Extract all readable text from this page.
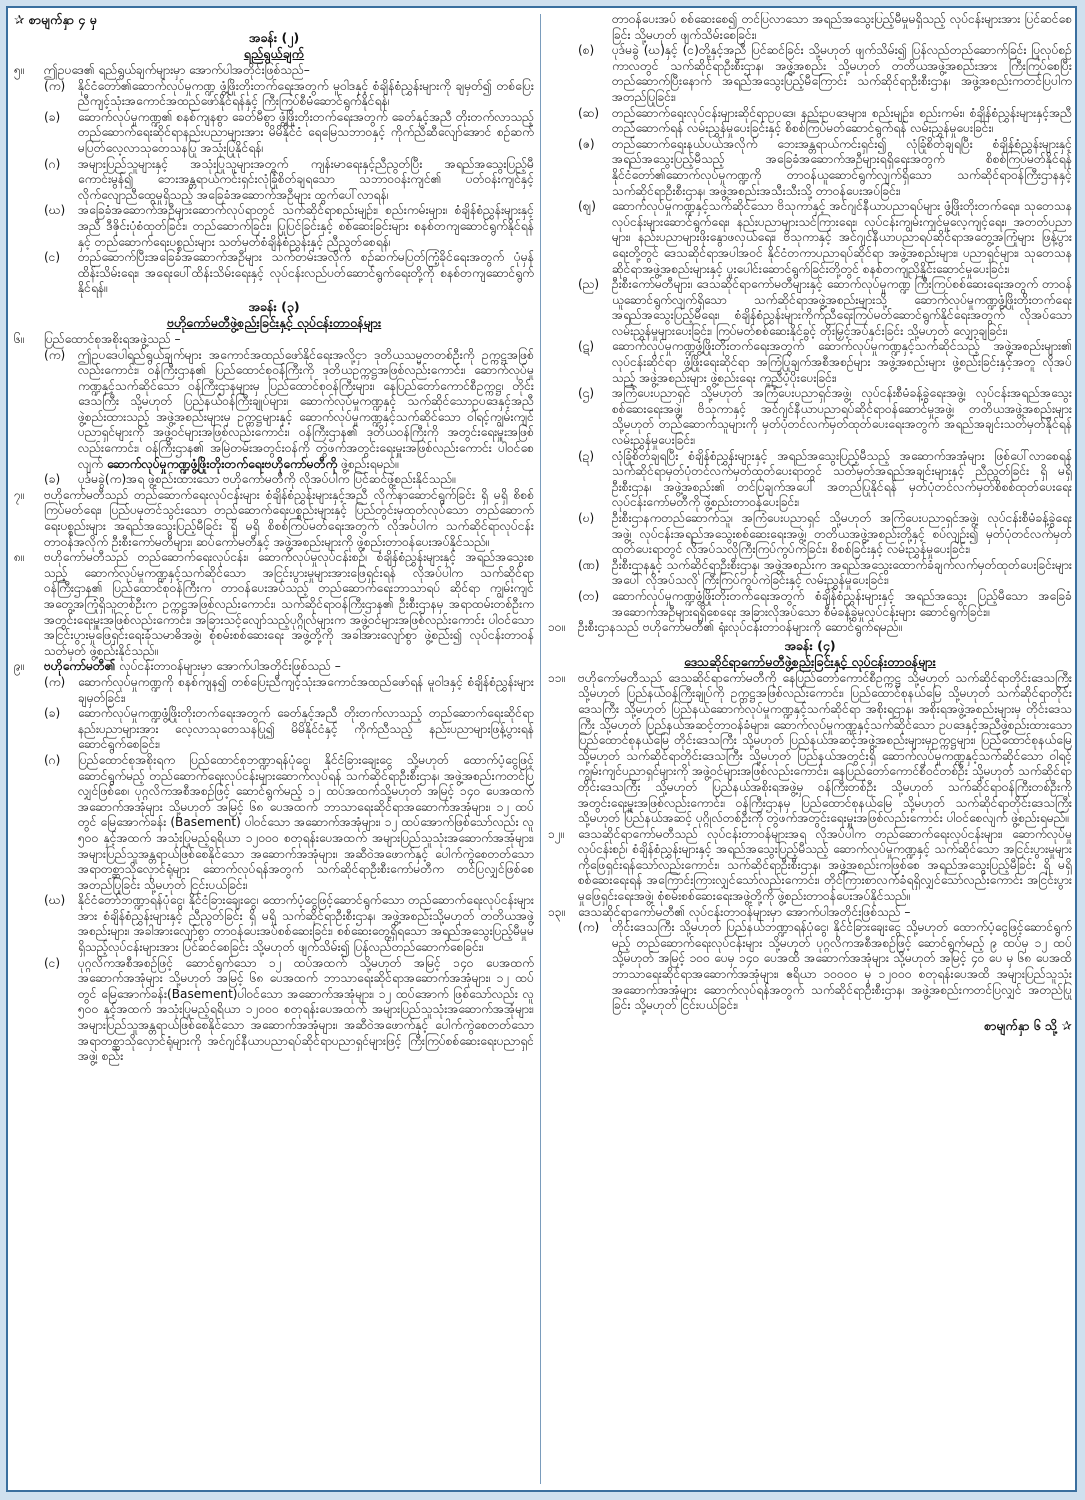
✰ စာမျက်နှာ ၄ မှ

အခန်း (၂)

ရည်ရွယ်ချက်

၅။	ဤဥပဒေ၏ ရည်ရွယ်ချက်များမှာ အောက်ပါအတိုင်းဖြစ်သည်–
(က)	နိုင်ငံတော်၏ဆောက်လုပ်မှုကဏ္ဍ ဖွံ့ဖြိုးတိုးတက်ရေးအတွက် မူဝါဒနှင့် စံချိန်စံညွှန်းများကို ချမှတ်၍ တစ်ပြေးညီကျင့်သုံးအကောင်အထည်ဖော်နိုင်ရန်နှင့် ကြီးကြပ်စီမံဆောင်ရွက်နိုင်ရန်၊
(ခ)	ဆောက်လုပ်မှုကဏ္ဍ၏ စနစ်ကျနစွာ ခေတ်မီစွာ ဖွံ့ဖြိုးတိုးတက်ရေးအတွက် ခေတ်နှင့်အညီ တိုးတက်လာသည့် တည်ဆောက်ရေးဆိုင်ရာနည်းပညာများအား မိမိနိုင်ငံ ရေမြေသဘာဝနှင့် ကိုက်ညီဆီလျော်အောင် စဉ်ဆက်မပြတ်လေ့လာသုတေသနပြု အသုံးပြုနိုင်ရန်၊
(ဂ)	အများပြည်သူများနှင့် အသုံးပြုသူများအတွက် ကျန်းမာရေးနှင့်ညီညွတ်ပြီး အရည်အသွေးပြည့်မီ ကောင်းမွန်၍ ဘေးအန္တရာယ်ကင်းရှင်းလုံခြုံစိတ်ချရသော သဘာဝဝန်းကျင်၏ ပတ်ဝန်းကျင်နှင့် လိုက်လျောညီထွေမှုရှိသည့် အခြေခံအဆောက်အဦများ ထွက်ပေါ်လာရန်၊
(ဃ)	အခြေခံအဆောက်အဦများဆောက်လုပ်ရာတွင် သက်ဆိုင်ရာစည်းမျဉ်း၊ စည်းကမ်းများ၊ စံချိန်စံညွှန်းများနှင့်အညီ ဒီဇိုင်းပုံစံထုတ်ခြင်း၊ တည်ဆောက်ခြင်း၊ ပြုပြင်ခြင်းနှင့် စစ်ဆေးခြင်းများ စနစ်တကျဆောင်ရွက်နိုင်ရန်နှင့် တည်ဆောက်ရေးပစ္စည်းများ သတ်မှတ်စံချိန်စံညွှန်းနှင့် ညီညွတ်စေရန်၊
(င)	တည်ဆောက်ပြီးအခြေခံအဆောက်အဦများ သက်တမ်းအလိုက် စဉ်ဆက်မပြတ်ကြံ့ခိုင်ရေးအတွက် ပုံမှန်ထိန်းသိမ်းရေး၊ အရေးပေါ်ထိန်းသိမ်းရေးနှင့် လုပ်ငန်းလည်ပတ်ဆောင်ရွက်ရေးတို့ကို စနစ်တကျဆောင်ရွက်နိုင်ရန်။

အခန်း (၃)

ဗဟိုကော်မတီဖွဲ့စည်းခြင်းနှင့် လုပ်ငန်းတာဝန်များ

၆။	ပြည်ထောင်စုအစိုးရအဖွဲ့သည် –
(က)	ဤဥပဒေပါရည်ရွယ်ချက်များ အကောင်အထည်ဖော်နိုင်ရေးအလို့ငှာ ဒုတိယသမ္မတတစ်ဦးကို ဥက္ကဋ္ဌအဖြစ်လည်းကောင်း၊ ဝန်ကြီးဌာန၏ ပြည်ထောင်စုဝန်ကြီးကို ဒုတိယဥက္ကဋ္ဌအဖြစ်လည်းကောင်း၊ ဆောက်လုပ်မှုကဏ္ဍနှင့်သက်ဆိုင်သော ဝန်ကြီးဌာနများမှ ပြည်ထောင်စုဝန်ကြီးများ၊ နေပြည်တော်ကောင်စီဥက္ကဋ္ဌ၊ တိုင်းဒေသကြီး သို့မဟုတ် ပြည်နယ်ဝန်ကြီးချုပ်များ၊ ဆောက်လုပ်မှုကဏ္ဍနှင့် သက်ဆိုင်သောဥပဒေနှင့်အညီ ဖွဲ့စည်းထားသည့် အဖွဲ့အစည်းများမှ ဥက္ကဋ္ဌများနှင့် ဆောက်လုပ်မှုကဏ္ဍနှင့်သက်ဆိုင်သော ဝါရင့်ကျွမ်းကျင်ပညာရှင်များကို အဖွဲ့ဝင်များအဖြစ်လည်းကောင်း၊ ဝန်ကြီးဌာန၏ ဒုတိယဝန်ကြီးကို အတွင်းရေးမှူးအဖြစ်လည်းကောင်း၊ ဝန်ကြီးဌာန၏ အမြဲတမ်းအတွင်းဝန်ကို တွဲဖက်အတွင်းရေးမှူးအဖြစ်လည်းကောင်း ပါဝင်စေလျက် ဆောက်လုပ်မှုကဏ္ဍဖွံ့ဖြိုးတိုးတက်ရေးဗဟိုကော်မတီကို ဖွဲ့စည်းရမည်။
(ခ)	ပုဒ်မခွဲ(က)အရ ဖွဲ့စည်းထားသော ဗဟိုကော်မတီကို လိုအပ်ပါက ပြင်ဆင်ဖွဲ့စည်းနိုင်သည်။
၇။	ဗဟိုကော်မတီသည် တည်ဆောက်ရေးလုပ်ငန်းများ စံချိန်စံညွှန်းများနှင့်အညီ လိုက်နာဆောင်ရွက်ခြင်း ရှိ မရှိ စိစစ်ကြပ်မတ်ရေး၊ ပြည်ပမှတင်သွင်းသော တည်ဆောက်ရေးပစ္စည်းများနှင့် ပြည်တွင်းမှထုတ်လုပ်သော တည်ဆောက်ရေးပစ္စည်းများ အရည်အသွေးပြည့်မီခြင်း ရှိ မရှိ စိစစ်ကြပ်မတ်ရေးအတွက် လိုအပ်ပါက သက်ဆိုင်ရာလုပ်ငန်းတာဝန်အလိုက် ဦးစီးကော်မတီများ၊ ဆပ်ကော်မတီနှင့် အဖွဲ့အစည်းများကို ဖွဲ့စည်းတာဝန်ပေးအပ်နိုင်သည်။
၈။	ဗဟိုကော်မတီသည် တည်ဆောက်ရေးလုပ်ငန်း၊ ဆောက်လုပ်မှုလုပ်ငန်းစဉ်၊ စံချိန်စံညွှန်းများနှင့် အရည်အသွေးစသည့် ဆောက်လုပ်မှုကဏ္ဍနှင့်သက်ဆိုင်သော အငြင်းပွားမှုများအားဖြေရှင်းရန် လိုအပ်ပါက သက်ဆိုင်ရာဝန်ကြီးဌာန၏ ပြည်ထောင်စုဝန်ကြီးက တာဝန်ပေးအပ်သည့် တည်ဆောက်ရေးဘာသာရပ် ဆိုင်ရာ ကျွမ်းကျင် အတွေ့အကြုံရှိသူတစ်ဦးက ဥက္ကဋ္ဌအဖြစ်လည်းကောင်း၊ သက်ဆိုင်ရာဝန်ကြီးဌာန၏ ဦးစီးဌာနမှ အရာထမ်းတစ်ဦးက အတွင်းရေးမှူးအဖြစ်လည်းကောင်း၊ အခြားသင့်လျော်သည့်ပုဂ္ဂိုလ်များက အဖွဲ့ဝင်များအဖြစ်လည်းကောင်း ပါဝင်သော အငြင်းပွားမှုဖြေရှင်းရေးခုံသမာဓိအဖွဲ့၊ စုံစမ်းစစ်ဆေးရေး အဖွဲ့တို့ကို အခါအားလျော်စွာ ဖွဲ့စည်း၍ လုပ်ငန်းတာဝန်သတ်မှတ် ဖွဲ့စည်းနိုင်သည်။
၉။	ဗဟိုကော်မတီ၏ လုပ်ငန်းတာဝန်များမှာ အောက်ပါအတိုင်းဖြစ်သည် –
(က)	ဆောက်လုပ်မှုကဏ္ဍကို စနစ်ကျန၍ တစ်ပြေးညီကျင့်သုံးအကောင်အထည်ဖော်ရန် မူဝါဒနှင့် စံချိန်စံညွှန်းများချမှတ်ခြင်း၊
(ခ)	ဆောက်လုပ်မှုကဏ္ဍဖွံ့ဖြိုးတိုးတက်ရေးအတွက် ခေတ်နှင့်အညီ တိုးတက်လာသည့် တည်ဆောက်ရေးဆိုင်ရာနည်းပညာများအား လေ့လာသုတေသနပြု၍ မိမိနိုင်ငံနှင့် ကိုက်ညီသည့် နည်းပညာများဖြန့်ပွားရန် ဆောင်ရွက်စေခြင်း၊
(ဂ)	ပြည်ထောင်စုအစိုးရက ပြည်ထောင်စုဘဏ္ဍာရန်ပုံငွေ၊ နိုင်ငံခြားချေးငွေ သို့မဟုတ် ထောက်ပံ့ငွေဖြင့် ဆောင်ရွက်မည့် တည်ဆောက်ရေးလုပ်ငန်းများဆောက်လုပ်ရန် သက်ဆိုင်ရာဦးစီးဌာန၊ အဖွဲ့အစည်းကတင်ပြလျှင်ဖြစ်စေ၊ ပုဂ္ဂလိကအစီအစဉ်ဖြင့် ဆောင်ရွက်မည့် ၁၂ ထပ်အထက်သို့မဟုတ် အမြင့် ၁၄၀ ပေအထက် အဆောက်အအုံများ သို့မဟုတ် အမြင့် ၆၈ ပေအထက် ဘာသာရေးဆိုင်ရာအဆောက်အအုံများ၊ ၁၂ ထပ်တွင် မြေအောက်ခန်း (Basement) ပါဝင်သော အဆောက်အအုံများ၊ ၁၂ ထပ်အောက်ဖြစ်သော်လည်း လူ ၅၀၀ နှင့်အထက် အသုံးပြုမည့်ရရိယာ ၁၂၀၀၀ စတုရန်းပေအထက် အများပြည်သူသုံးအဆောက်အအုံများ၊ အများပြည်သူအန္တရာယ်ဖြစ်စေနိုင်သော အဆောက်အအုံများ၊ အဆီဝဲအဖောက်နှင့် ပေါက်ကွဲစေတတ်သောအရာတစ္ဆာသိုလှောင်ရုံများ ဆောက်လုပ်ရန်အတွက် သက်ဆိုင်ရာဦးစီးကော်မတီက တင်ပြလျှင်ဖြစ်စေ အတည်ပြုခြင်း သို့မဟုတ် ငြင်းပယ်ခြင်း၊
(ဃ)	နိုင်ငံတော်ဘဏ္ဍာရန်ပုံငွေ၊ နိုင်ငံခြားချေးငွေ၊ ထောက်ပံ့ငွေဖြင့်ဆောင်ရွက်သော တည်ဆောက်ရေးလုပ်ငန်းများအား စံချိန်စံညွှန်းများနှင့် ညီညွတ်ခြင်း ရှိ မရှိ သက်ဆိုင်ရာဦးစီးဌာန၊ အဖွဲ့အစည်းသို့မဟုတ် တတိယအဖွဲ့အစည်းများ၊ အခါအားလျော်စွာ တာဝန်ပေးအပ်စစ်ဆေးခြင်း၊ စစ်ဆေးတွေ့ရှိရသော အရည်အသွေးပြည့်မီမှုမရှိသည့်လုပ်ငန်းများအား ပြင်ဆင်စေခြင်း သို့မဟုတ် ဖျက်သိမ်း၍ ပြန်လည်တည်ဆောက်စေခြင်း၊
(င)	ပုဂ္ဂလိကအစီအစဉ်ဖြင့် ဆောင်ရွက်သော ၁၂ ထပ်အထက် သို့မဟုတ် အမြင့် ၁၄၀ ပေအထက် အဆောက်အအုံများ သို့မဟုတ် အမြင့် ၆၈ ပေအထက် ဘာသာရေးဆိုင်ရာအဆောက်အအုံများ၊ ၁၂ ထပ်တွင် မြေအောက်ခန်း(Basement)ပါဝင်သော အဆောက်အအုံများ၊ ၁၂ ထပ်အောက် ဖြစ်သော်လည်း လူ ၅၀၀ နှင့်အထက် အသုံးပြုမည့်ရရိယာ ၁၂၀၀၀ စတုရန်းပေအထက် အများပြည်သူသုံးအဆောက်အအုံများ၊ အများပြည်သူအန္တရာယ်ဖြစ်စေနိုင်သော အဆောက်အအုံများ၊ အဆီဝဲအဖောက်နှင့် ပေါက်ကွဲစေတတ်သောအရာတစ္ဆာသိုလှောင်ရုံများကို အင်ဂျင်နီယာပညာရပ်ဆိုင်ရာပညာရှင်များဖြင့် ကြီးကြပ်စစ်ဆေးရေးပညာရှင်အဖွဲ့၊ စည်း
တာဝန်ပေးအပ် စစ်ဆေးစေ၍ တင်ပြလာသော အရည်အသွေးပြည့်မီမှုမရှိသည့် လုပ်ငန်းများအား ပြင်ဆင်စေခြင်း သို့မဟုတ် ဖျက်သိမ်းစေခြင်း၊
(စ)	ပုဒ်မခွဲ (ဃ)နှင့် (င)တို့နှင့်အညီ ပြင်ဆင်ခြင်း သို့မဟုတ် ဖျက်သိမ်း၍ ပြန်လည်တည်ဆောက်ခြင်း ပြုလုပ်စဉ်ကာလတွင် သက်ဆိုင်ရာဦးစီးဌာန၊ အဖွဲ့အစည်း သို့မဟုတ် တတိယအဖွဲ့အစည်းအား ကြီးကြပ်စေပြီး တည်ဆောက်ပြီးနောက် အရည်အသွေးပြည့်မီကြောင်း သက်ဆိုင်ရာဦးစီးဌာန၊ အဖွဲ့အစည်းကတင်ပြပါက အတည်ပြုခြင်း၊
(ဆ)	တည်ဆောက်ရေးလုပ်ငန်းများဆိုင်ရာဥပဒေ၊ နည်းဥပဒေများ၊ စည်းမျဉ်း၊ စည်းကမ်း၊ စံချိန်စံညွှန်းများနှင့်အညီ တည်ဆောက်ရန် လမ်းညွှန်မှုပေးခြင်းနှင့် စိစစ်ကြပ်မတ်ဆောင်ရွက်ရန် လမ်းညွှန်မှုပေးခြင်း၊
(ဇ)	တည်ဆောက်ရေးနယ်ပယ်အလိုက် ဘေးအန္တရာယ်ကင်းရှင်း၍ လုံခြုံစိတ်ချရပြီး စံချိန်စံညွှန်းများနှင့် အရည်အသွေးပြည့်မီသည့် အခြေခံအဆောက်အဦများရရှိရေးအတွက် စိစစ်ကြပ်မတ်နိုင်ရန် နိုင်ငံတော်၏ဆောက်လုပ်မှုကဏ္ဍကို တာဝန်ယူဆောင်ရွက်လျက်ရှိသော သက်ဆိုင်ရာဝန်ကြီးဌာနနှင့် သက်ဆိုင်ရာဦးစီးဌာန၊ အဖွဲ့အစည်းအသီးသီးသို့ တာဝန်ပေးအပ်ခြင်း၊
(ဈ)	ဆောက်လုပ်မှုကဏ္ဍနှင့်သက်ဆိုင်သော ဗိသုကာနှင့် အင်ဂျင်နီယာပညာရပ်များ ဖွံ့ဖြိုးတိုးတက်ရေး၊ သုတေသနလုပ်ငန်းများဆောင်ရွက်ရေး၊ နည်းပညာများသင်ကြားရေး၊ လုပ်ငန်းကျွမ်းကျင်မှုလေ့ကျင့်ရေး၊ အတတ်ပညာများ၊ နည်းပညာများဖိုးနွောဖလှယ်ရေး၊ ဗိသုကာနှင့် အင်ဂျင်နီယာပညာရပ်ဆိုင်ရာအတွေ့အကြုံများ ဖြန့်ပွားရေးတို့တွင် ဒေသဆိုင်ရာအပါအဝင် နိုင်ငံတကာပညာရပ်ဆိုင်ရာ အဖွဲ့အစည်းများ၊ ပညာရှင်များ၊ သုတေသနဆိုင်ရာအဖွဲ့အစည်းများနှင့် ပူးပေါင်းဆောင်ရွက်ခြင်းတို့တွင် စနစ်တကျညှိနှိုင်းဆောင်မှုပေးခြင်း၊
(ည)	ဦးစီးကော်မတီများ၊ ဒေသဆိုင်ရာကော်မတီများနှင့် ဆောက်လုပ်မှုကဏ္ဍ ကြီးကြပ်စစ်ဆေးရေးအတွက် တာဝန်ယူဆောင်ရွက်လျက်ရှိသော သက်ဆိုင်ရာအဖွဲ့အစည်းများသို့ ဆောက်လုပ်မှုကဏ္ဍဖွံ့ဖြိုးတိုးတက်ရေး အရည်အသွေးပြည့်မီရေး၊ စံချိန်စံညွှန်းများကိုက်ညီရေးကြပ်မတ်ဆောင်ရွက်နိုင်ရေးအတွက် လိုအပ်သောလမ်းညွှန်မှုများပေးခြင်း၊ ကြပ်မတ်စစ်ဆေးနိုင်ခွင့် တိုးမြှင့်အပ်နှင်းခြင်း သို့မဟုတ် လျှော့ချခြင်း၊
(ဋ)	ဆောက်လုပ်မှုကဏ္ဍဖွံ့ဖြိုးတိုးတက်ရေးအတွက် ဆောက်လုပ်မှုကဏ္ဍနှင့်သက်ဆိုင်သည့် အဖွဲ့အစည်းများ၏ လုပ်ငန်းဆိုင်ရာ ဖွံ့ဖြိုးရေးဆိုင်ရာ အကြံပြုချက်အစီအစဉ်များ အဖွဲ့အစည်းများ ဖွဲ့စည်းခြင်းနှင့်အတူ လိုအပ်သည့် အဖွဲ့အစည်းများ ဖွဲ့စည်းရေး ကူညီပံ့ပိုးပေးခြင်း၊
(ဌ)	အကြံပေးပညာရှင် သို့မဟုတ် အကြံပေးပညာရှင်အဖွဲ့၊ လုပ်ငန်းစီမံခန့်ခွဲရေးအဖွဲ့၊ လုပ်ငန်းအရည်အသွေးစစ်ဆေးရေးအဖွဲ့၊ ဗိသုကာနှင့် အင်ဂျင်နီယာပညာရပ်ဆိုင်ရာဝန်ဆောင်မှုအဖွဲ့၊ တတိယအဖွဲ့အစည်းများ သို့မဟုတ် တည်ဆောက်သူများကို မှတ်ပုံတင်လက်မှတ်ထုတ်ပေးရေးအတွက် အရည်အချင်းသတ်မှတ်နိုင်ရန် လမ်းညွှန်မှုပေးခြင်း၊
(ဍ)	လုံခြုံစိတ်ချရပြီး စံချိန်စံညွှန်းများနှင့် အရည်အသွေးပြည့်မီသည့် အဆောက်အအုံများ ဖြစ်ပေါ်လာစေရန် သက်ဆိုင်ရာမှတ်ပုံတင်လက်မှတ်ထုတ်ပေးရာတွင် သတ်မှတ်အရည်အချင်းများနှင့် ညီညွတ်ခြင်း ရှိ မရှိ ဦးစီးဌာန၊ အဖွဲ့အစည်း၏ တင်ပြချက်အပေါ် အတည်ပြုနိုင်ရန် မှတ်ပုံတင်လက်မှတ်စိစစ်ထုတ်ပေးရေးလုပ်ငန်းကော်မတီကို ဖွဲ့စည်းတာဝန်ပေးခြင်း၊
(ဎ)	ဦးစီးဌာနကတည်ဆောက်သူ၊ အကြံပေးပညာရှင် သို့မဟုတ် အကြံပေးပညာရှင်အဖွဲ့၊ လုပ်ငန်းစီမံခန့်ခွဲရေးအဖွဲ့၊ လုပ်ငန်းအရည်အသွေးစစ်ဆေးရေးအဖွဲ့၊ တတိယအဖွဲ့အစည်းတို့နှင့် စပ်လျဉ်း၍ မှတ်ပုံတင်လက်မှတ်ထုတ်ပေးရာတွင် လိုအပ်သလိုကြီးကြပ်ကွပ်ကဲခြင်း၊ စိစစ်ခြင်းနှင့် လမ်းညွှန်မှုပေးခြင်း၊
(ဏ)	ဦးစီးဌာနနှင့် သက်ဆိုင်ရာဦးစီးဌာန၊ အဖွဲ့အစည်းက အရည်အသွေးထောက်ခံချက်လက်မှတ်ထုတ်ပေးခြင်းများအပေါ် လိုအပ်သလို ကြီးကြပ်ကွပ်ကဲခြင်းနှင့် လမ်းညွှန်မှုပေးခြင်း၊
(တ)	ဆောက်လုပ်မှုကဏ္ဍဖွံ့ဖြိုးတိုးတက်ရေးအတွက် စံချိန်စံညွှန်းများနှင့် အရည်အသွေး ပြည့်မီသော အခြေခံအဆောက်အဦများရရှိစေရေး အခြားလိုအပ်သော စီမံခန့်ခွဲမှုလုပ်ငန်းများ ဆောင်ရွက်ခြင်း။
၁၀။	ဦးစီးဌာနသည် ဗဟိုကော်မတီ၏ ရုံးလုပ်ငန်းတာဝန်များကို ဆောင်ရွက်ရမည်။

အခန်း (၄)

ဒေသဆိုင်ရာကော်မတီဖွဲ့စည်းခြင်းနှင့် လုပ်ငန်းတာဝန်များ

၁၁။	ဗဟိုကော်မတီသည် ဒေသဆိုင်ရာကော်မတီကို နေပြည်တော်ကောင်စီဥက္ကဋ္ဌ သို့မဟုတ် သက်ဆိုင်ရာတိုင်းဒေသကြီး သို့မဟုတ် ပြည်နယ်ဝန်ကြီးချုပ်ကို ဥက္ကဋ္ဌအဖြစ်လည်းကောင်း၊ ပြည်ထောင်စုနယ်မြေ သို့မဟုတ် သက်ဆိုင်ရာတိုင်းဒေသကြီး သို့မဟုတ် ပြည်နယ်ဆောက်လုပ်မှုကဏ္ဍနှင့်သက်ဆိုင်ရာ အစိုးရဌာန၊ အစိုးရအဖွဲ့အစည်းများမှ တိုင်းဒေသကြီး သို့မဟုတ် ပြည်နယ်အဆင့်တာဝန်ခံများ၊ ဆောက်လုပ်မှုကဏ္ဍနှင့်သက်ဆိုင်သော ဥပဒေနှင့်အညီဖွဲ့စည်းထားသော ပြည်ထောင်စုနယ်မြေ တိုင်းဒေသကြီး သို့မဟုတ် ပြည်နယ်အဆင့်အဖွဲ့အစည်းများမှဥက္ကဋ္ဌများ၊ ပြည်ထောင်စုနယ်မြေ သို့မဟုတ် သက်ဆိုင်ရာတိုင်းဒေသကြီး သို့မဟုတ် ပြည်နယ်အတွင်းရှိ ဆောက်လုပ်မှုကဏ္ဍနှင့်သက်ဆိုင်သော ဝါရင့်ကျွမ်းကျင်ပညာရှင်များကို အဖွဲ့ဝင်များအဖြစ်လည်းကောင်း၊ နေပြည်တော်ကောင်စီဝင်တစ်ဦး သို့မဟုတ် သက်ဆိုင်ရာတိုင်းဒေသကြီး သို့မဟုတ် ပြည်နယ်အစိုးရအဖွဲ့မှ ဝန်ကြီးတစ်ဦး သို့မဟုတ် သက်ဆိုင်ရာဝန်ကြီးတစ်ဦးကို အတွင်းရေးမှူးအဖြစ်လည်းကောင်း၊ ဝန်ကြီးဌာနမှ ပြည်ထောင်စုနယ်မြေ သို့မဟုတ် သက်ဆိုင်ရာတိုင်းဒေသကြီး သို့မဟုတ် ပြည်နယ်အဆင့် ပုဂ္ဂိုလ်တစ်ဦးကို တွဲဖက်အတွင်းရေးမှူးအဖြစ်လည်းကောင်း ပါဝင်စေလျက် ဖွဲ့စည်းရမည်။
၁၂။	ဒေသဆိုင်ရာကော်မတီသည် လုပ်ငန်းတာဝန်များအရ လိုအပ်ပါက တည်ဆောက်ရေးလုပ်ငန်းများ၊ ဆောက်လုပ်မှုလုပ်ငန်းစဉ်၊ စံချိန်စံညွှန်းများနှင့် အရည်အသွေးပြည့်မီသည့် ဆောက်လုပ်မှုကဏ္ဍနှင့် သက်ဆိုင်သော အငြင်းပွားမှုများကိုဖြေရှင်းရန်သော်လည်းကောင်း၊ သက်ဆိုင်ရာဦးစီးဌာန၊ အဖွဲ့အစည်းကဖြစ်စေ အရည်အသွေးပြည့်မီခြင်း ရှိ မရှိ စစ်ဆေးရေးရန် အကြောင်းကြားလျှင်သော်လည်းကောင်း၊ တိုင်ကြားစာလက်ခံရရှိလျှင်သော်လည်းကောင်း အငြင်းပွားမှုဖြေရှင်းရေးအဖွဲ့၊ စုံစမ်းစစ်ဆေးရေးအဖွဲ့တို့ကို ဖွဲ့စည်းတာဝန်ပေးအပ်နိုင်သည်။
၁၃။	ဒေသဆိုင်ရာကော်မတီ၏ လုပ်ငန်းတာဝန်များမှာ အောက်ပါအတိုင်းဖြစ်သည် –
(က)	တိုင်းဒေသကြီး သို့မဟုတ် ပြည်နယ်ဘဏ္ဍာရန်ပုံငွေ၊ နိုင်ငံခြားချေးငွေ သို့မဟုတ် ထောက်ပံ့ငွေဖြင့်ဆောင်ရွက်မည့် တည်ဆောက်ရေးလုပ်ငန်းများ သို့မဟုတ် ပုဂ္ဂလိကအစီအစဉ်ဖြင့် ဆောင်ရွက်မည့် ၉ ထပ်မှ ၁၂ ထပ် သို့မဟုတ် အမြင့် ၁၀၀ ပေမှ ၁၄၀ ပေအထိ အဆောက်အအုံများ သို့မဟုတ် အမြင့် ၄၀ ပေ မှ ၆၈ ပေအထိ ဘာသာရေးဆိုင်ရာအဆောက်အအုံများ၊ ဧရိယာ ၁၀၀၀၀ မှ ၁၂၀၀၀ စတုရန်းပေအထိ အများပြည်သူသုံးအဆောက်အအုံများ ဆောက်လုပ်ရန်အတွက် သက်ဆိုင်ရာဦးစီးဌာန၊ အဖွဲ့အစည်းကတင်ပြလျှင် အတည်ပြုခြင်း သို့မဟုတ် ငြင်းပယ်ခြင်း၊

စာမျက်နှာ ၆ သို့ ✰
